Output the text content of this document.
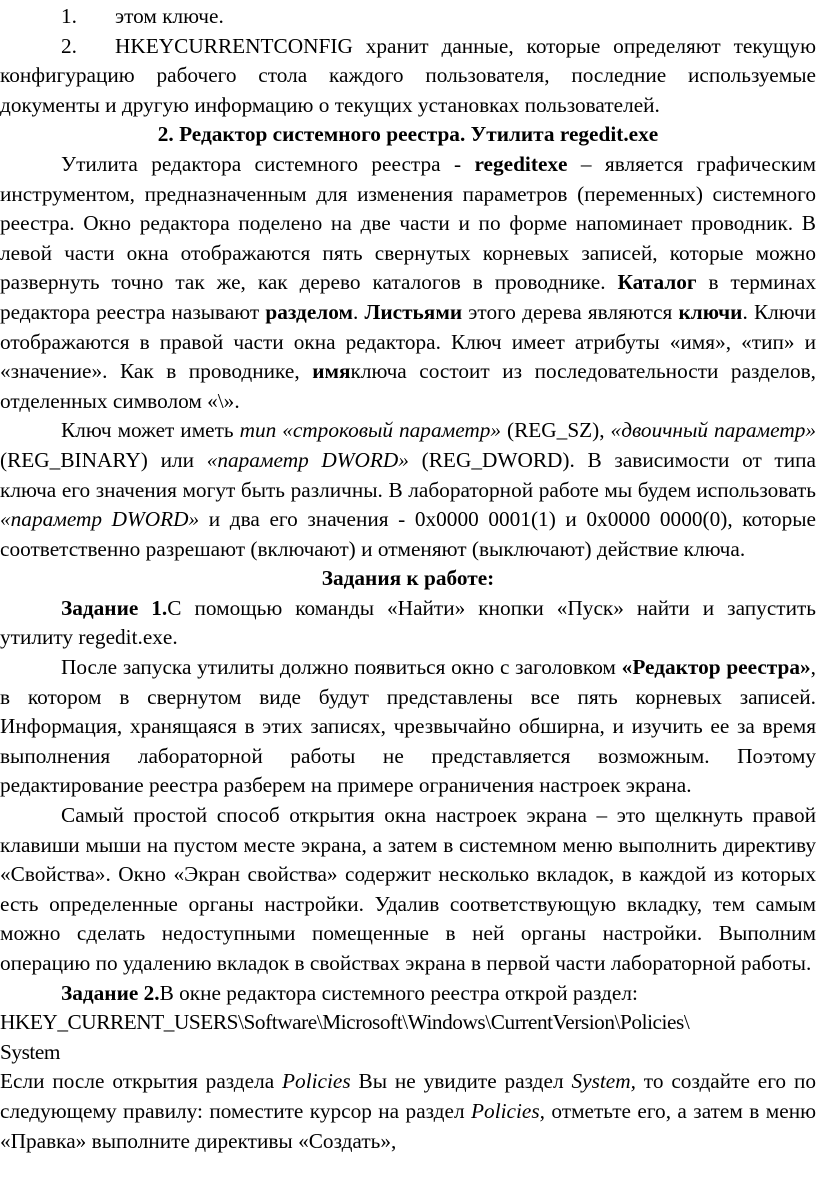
1.	этом ключе.

2. HKEYCURRENTCONFIG хранит данные, которые определяют текущую конфигурацию рабочего стола каждого пользователя, последние используемые документы и другую информацию о текущих установках пользователей.

2. Редактор системного реестра. Утилита regedit.exe

Утилита редактора системного реестра - regeditexe – является графическим инструментом, предназначенным для изменения параметров (переменных) системного реестра. Окно редактора поделено на две части и по форме напоминает проводник. В левой части окна отображаются пять свернутых корневых записей, которые можно развернуть точно так же, как дерево каталогов в проводнике. Каталог в терминах редактора реестра называют разделом. Листьями этого дерева являются ключи. Ключи отображаются в правой части окна редактора. Ключ имеет атрибуты «имя», «тип» и «значение». Как в проводнике, имяключа состоит из последовательности разделов, отделенных символом «\».

Ключ может иметь тип «строковый параметр» (REG_SZ), «двоичный параметр» (REG_BINARY) или «параметр DWORD» (REG_DWORD). В зависимости от типа ключа его значения могут быть различны. В лабораторной работе мы будем использовать «параметр DWORD» и два его значения - 0x0000 0001(1) и 0x0000 0000(0), которые соответственно разрешают (включают) и отменяют (выключают) действие ключа.

Задания к работе:

Задание 1.С помощью команды «Найти» кнопки «Пуск» найти и запустить утилиту regedit.exe.

После запуска утилиты должно появиться окно с заголовком «Редактор реестра», в котором в свернутом виде будут представлены все пять корневых записей. Информация, хранящаяся в этих записях, чрезвычайно обширна, и изучить ее за время выполнения лабораторной работы не представляется возможным. Поэтому редактирование реестра разберем на примере ограничения настроек экрана.

Самый простой способ открытия окна настроек экрана – это щелкнуть правой клавиши мыши на пустом месте экрана, а затем в системном меню выполнить директиву «Свойства». Окно «Экран свойства» содержит несколько вкладок, в каждой из которых есть определенные органы настройки. Удалив соответствующую вкладку, тем самым можно сделать недоступными помещенные в ней органы настройки. Выполним операцию по удалению вкладок в свойствах экрана в первой части лабораторной работы.

Задание 2.В окне редактора системного реестра открой раздел:

HKEY_CURRENT_USERS\Software\Microsoft\Windows\CurrentVersion\Policies\
System

Если после открытия раздела Policies Вы не увидите раздел System, то создайте его по следующему правилу: поместите курсор на раздел Policies, отметьте его, а затем в меню «Правка» выполните директивы «Создать»,
